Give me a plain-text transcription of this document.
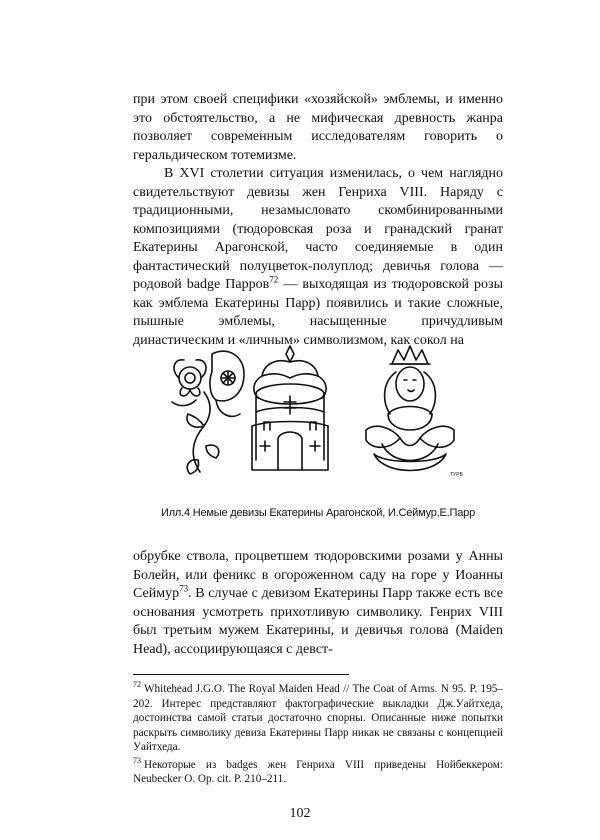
при этом своей специфики «хозяйской» эмблемы, и именно это обстоятельство, а не мифическая древность жанра позволяет современным исследователям говорить о геральдическом тотемизме.

В XVI столетии ситуация изменилась, о чем наглядно свидетельствуют девизы жен Генриха VIII. Наряду с традиционными, незамысловато скомбинированными композициями (тюдоровская роза и гранадский гранат Екатерины Арагонской, часто соединяемые в один фантастический полуцветок-полуплод; девичья голова — родовой badge Парров$^{72}$ — выходящая из тюдоровской розы как эмблема Екатерины Парр) появились и такие сложные, пышные эмблемы, насыщенные причудливым династическим и «личным» символизмом, как сокол на

ТУРБ
Илл.4 Немые девизы Екатерины Арагонской, И.Сеймур,Е.Парр

обрубке ствола, процветшем тюдоровскими розами у Анны Болейн, или феникс в огороженном саду на горе у Иоанны Сеймур$^{73}$. В случае с девизом Екатерины Парр также есть все основания усмотреть прихотливую символику. Генрих VIII был третьим мужем Екатерины, и девичья голова (Maiden Head), ассоциирующаяся с девст-

$^{72}$ Whitehead J.G.O. The Royal Maiden Head // The Coat of Arms. N 95. P. 195–202. Интерес представляют фактографические выкладки Дж.Уайтхеда, достоинства самой статьи достаточно спорны. Описанные ниже попытки раскрыть символику девиза Екатерины Парр никак не связаны с концепцией Уайтхеда.

$^{73}$ Некоторые из badges жен Генриха VIII приведены Нойбеккером: Neubecker O. Op. cit. P. 210–211.

102
